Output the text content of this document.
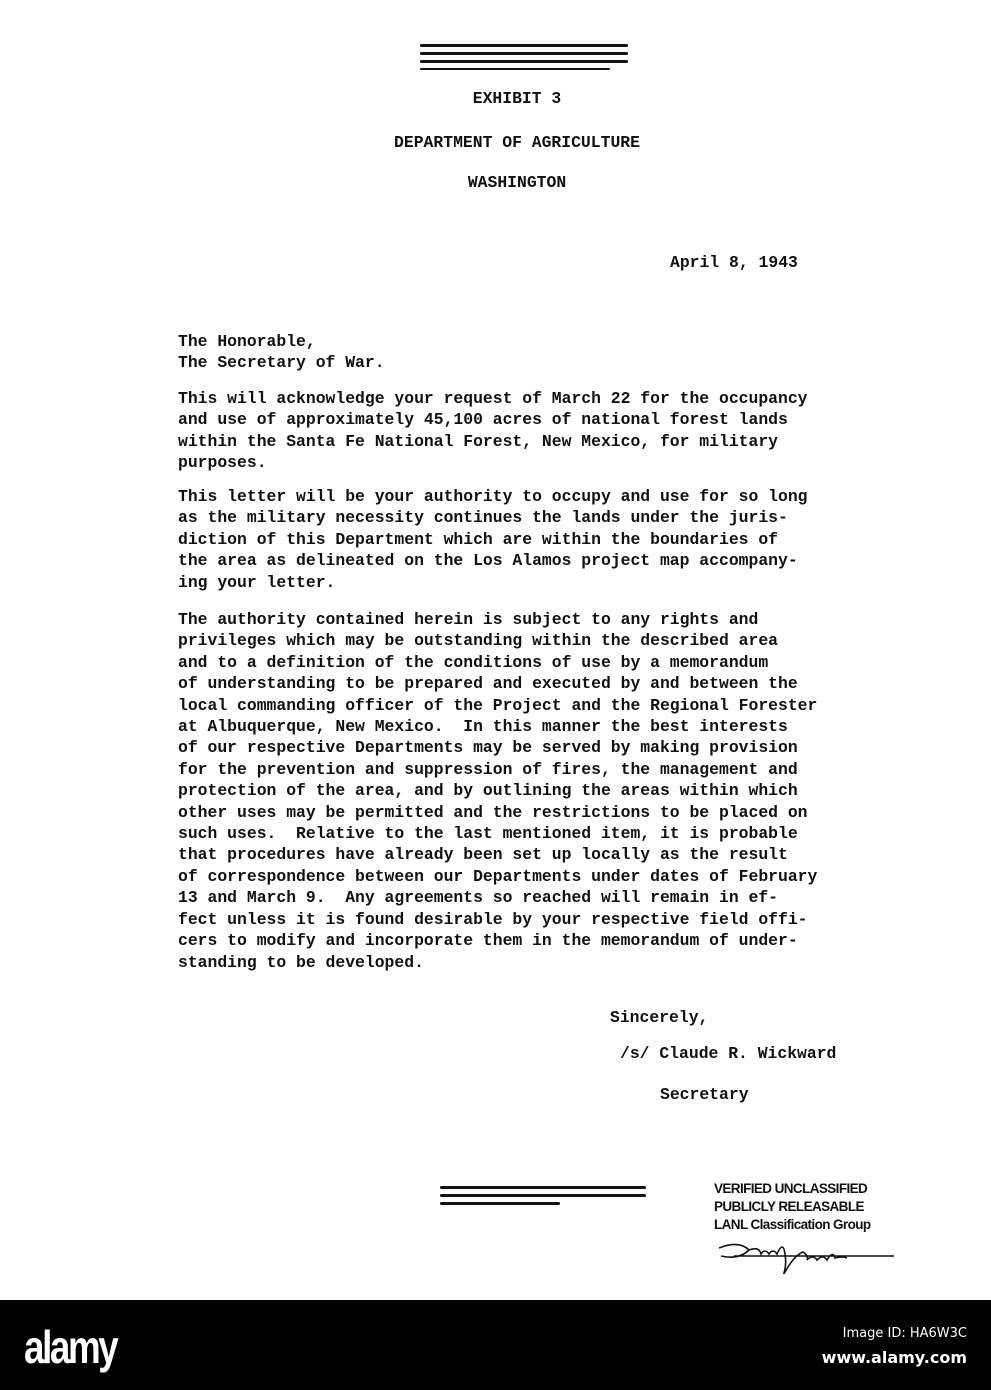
EXHIBIT 3
DEPARTMENT OF AGRICULTURE
WASHINGTON
April 8, 1943
The Honorable,
The Secretary of War.
This will acknowledge your request of March 22 for the occupancy
and use of approximately 45,100 acres of national forest lands
within the Santa Fe National Forest, New Mexico, for military
purposes.
This letter will be your authority to occupy and use for so long
as the military necessity continues the lands under the juris-
diction of this Department which are within the boundaries of
the area as delineated on the Los Alamos project map accompany-
ing your letter.
The authority contained herein is subject to any rights and
privileges which may be outstanding within the described area
and to a definition of the conditions of use by a memorandum
of understanding to be prepared and executed by and between the
local commanding officer of the Project and the Regional Forester
at Albuquerque, New Mexico.  In this manner the best interests
of our respective Departments may be served by making provision
for the prevention and suppression of fires, the management and
protection of the area, and by outlining the areas within which
other uses may be permitted and the restrictions to be placed on
such uses.  Relative to the last mentioned item, it is probable
that procedures have already been set up locally as the result
of correspondence between our Departments under dates of February
13 and March 9.  Any agreements so reached will remain in ef-
fect unless it is found desirable by your respective field offi-
cers to modify and incorporate them in the memorandum of under-
standing to be developed.
Sincerely,
/s/ Claude R. Wickward
Secretary
VERIFIED UNCLASSIFIED
PUBLICLY RELEASABLE
LANL Classification Group
alamy	Image ID: HA6W3C
www.alamy.com
